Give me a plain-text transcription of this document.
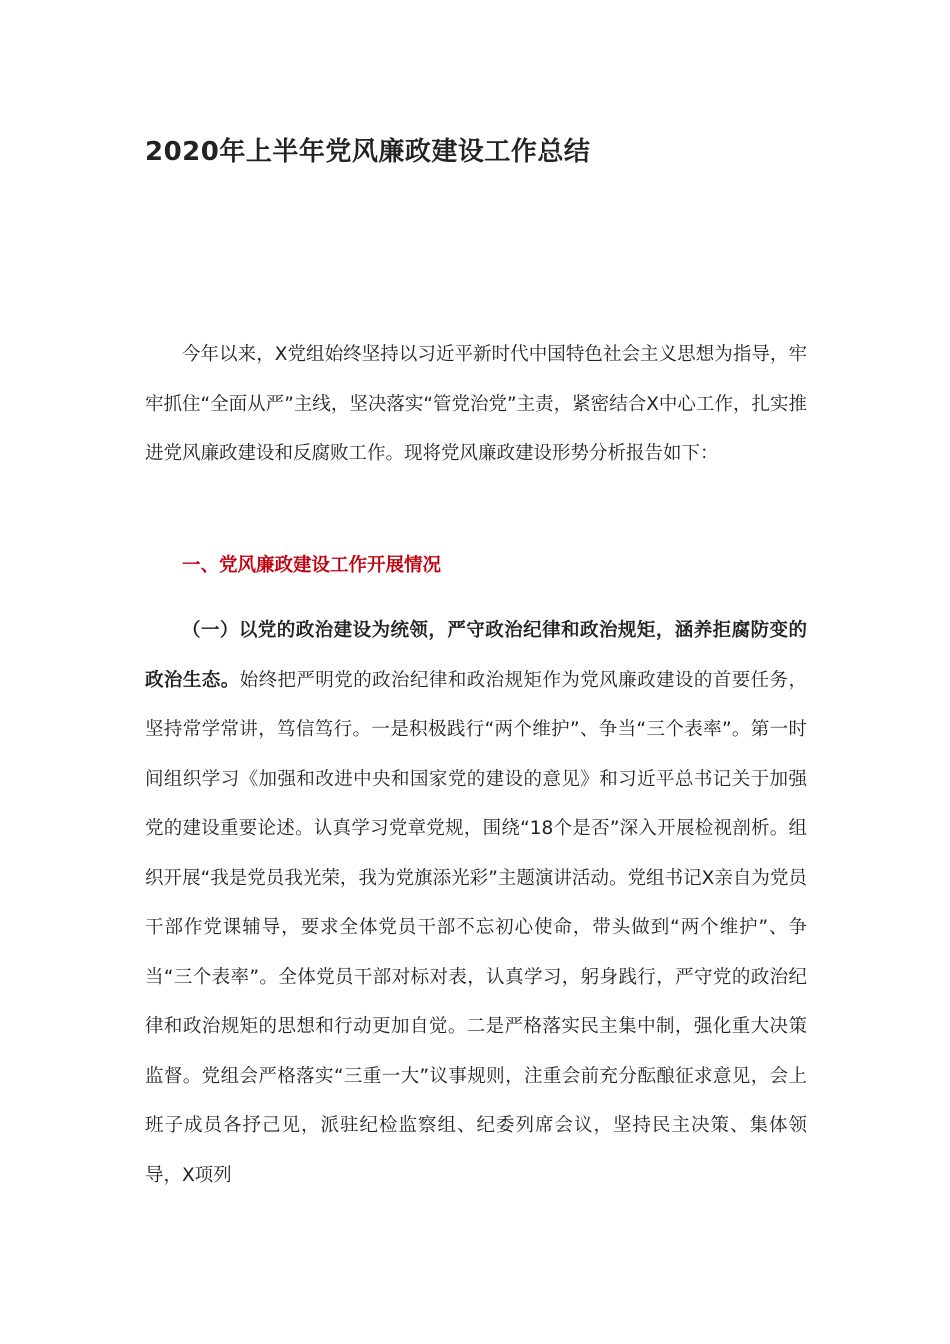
2020年上半年党风廉政建设工作总结

今年以来，X党组始终坚持以习近平新时代中国特色社会主义思想为指导，牢牢抓住“全面从严”主线，坚决落实“管党治党”主责，紧密结合X中心工作，扎实推进党风廉政建设和反腐败工作。现将党风廉政建设形势分析报告如下：

一、党风廉政建设工作开展情况

（一）以党的政治建设为统领，严守政治纪律和政治规矩，涵养拒腐防变的政治生态。始终把严明党的政治纪律和政治规矩作为党风廉政建设的首要任务，坚持常学常讲，笃信笃行。一是积极践行“两个维护”、争当“三个表率”。第一时间组织学习《加强和改进中央和国家党的建设的意见》和习近平总书记关于加强党的建设重要论述。认真学习党章党规，围绕“18个是否”深入开展检视剖析。组织开展“我是党员我光荣，我为党旗添光彩”主题演讲活动。党组书记X亲自为党员干部作党课辅导，要求全体党员干部不忘初心使命，带头做到“两个维护”、争当“三个表率”。全体党员干部对标对表，认真学习，躬身践行，严守党的政治纪律和政治规矩的思想和行动更加自觉。二是严格落实民主集中制，强化重大决策监督。党组会严格落实“三重一大”议事规则，注重会前充分酝酿征求意见，会上班子成员各抒己见，派驻纪检监察组、纪委列席会议，坚持民主决策、集体领导，X项列
